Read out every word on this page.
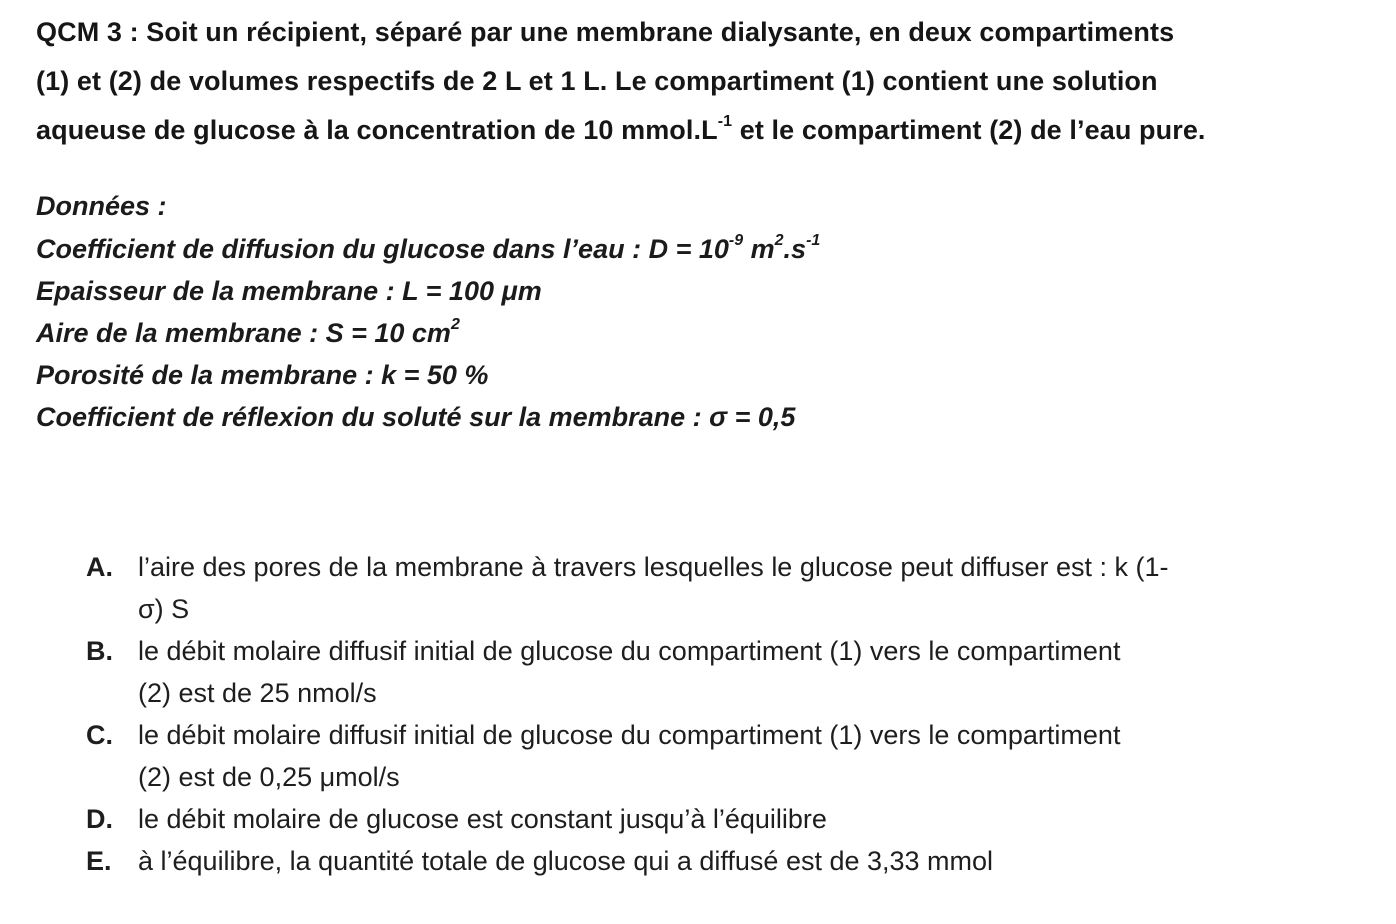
QCM 3 : Soit un récipient, séparé par une membrane dialysante, en deux compartiments
(1) et (2) de volumes respectifs de 2 L et 1 L. Le compartiment (1) contient une solution
aqueuse de glucose à la concentration de 10 $mmol.L^{-1}$ et le compartiment (2) de l’eau pure.
Données :
Coefficient de diffusion du glucose dans l’eau : $D = 10^{-9}$ $m^2.s^{-1}$
Epaisseur de la membrane : L = 100 μm
Aire de la membrane : S = 10 $cm^2$
Porosité de la membrane : k = 50 %
Coefficient de réflexion du soluté sur la membrane : σ = 0,5
A. l’aire des pores de la membrane à travers lesquelles le glucose peut diffuser est : k (1-
σ) S
B. le débit molaire diffusif initial de glucose du compartiment (1) vers le compartiment
(2) est de 25 nmol/s
C. le débit molaire diffusif initial de glucose du compartiment (1) vers le compartiment
(2) est de 0,25 μmol/s
D. le débit molaire de glucose est constant jusqu’à l’équilibre
E. à l’équilibre, la quantité totale de glucose qui a diffusé est de 3,33 mmol
